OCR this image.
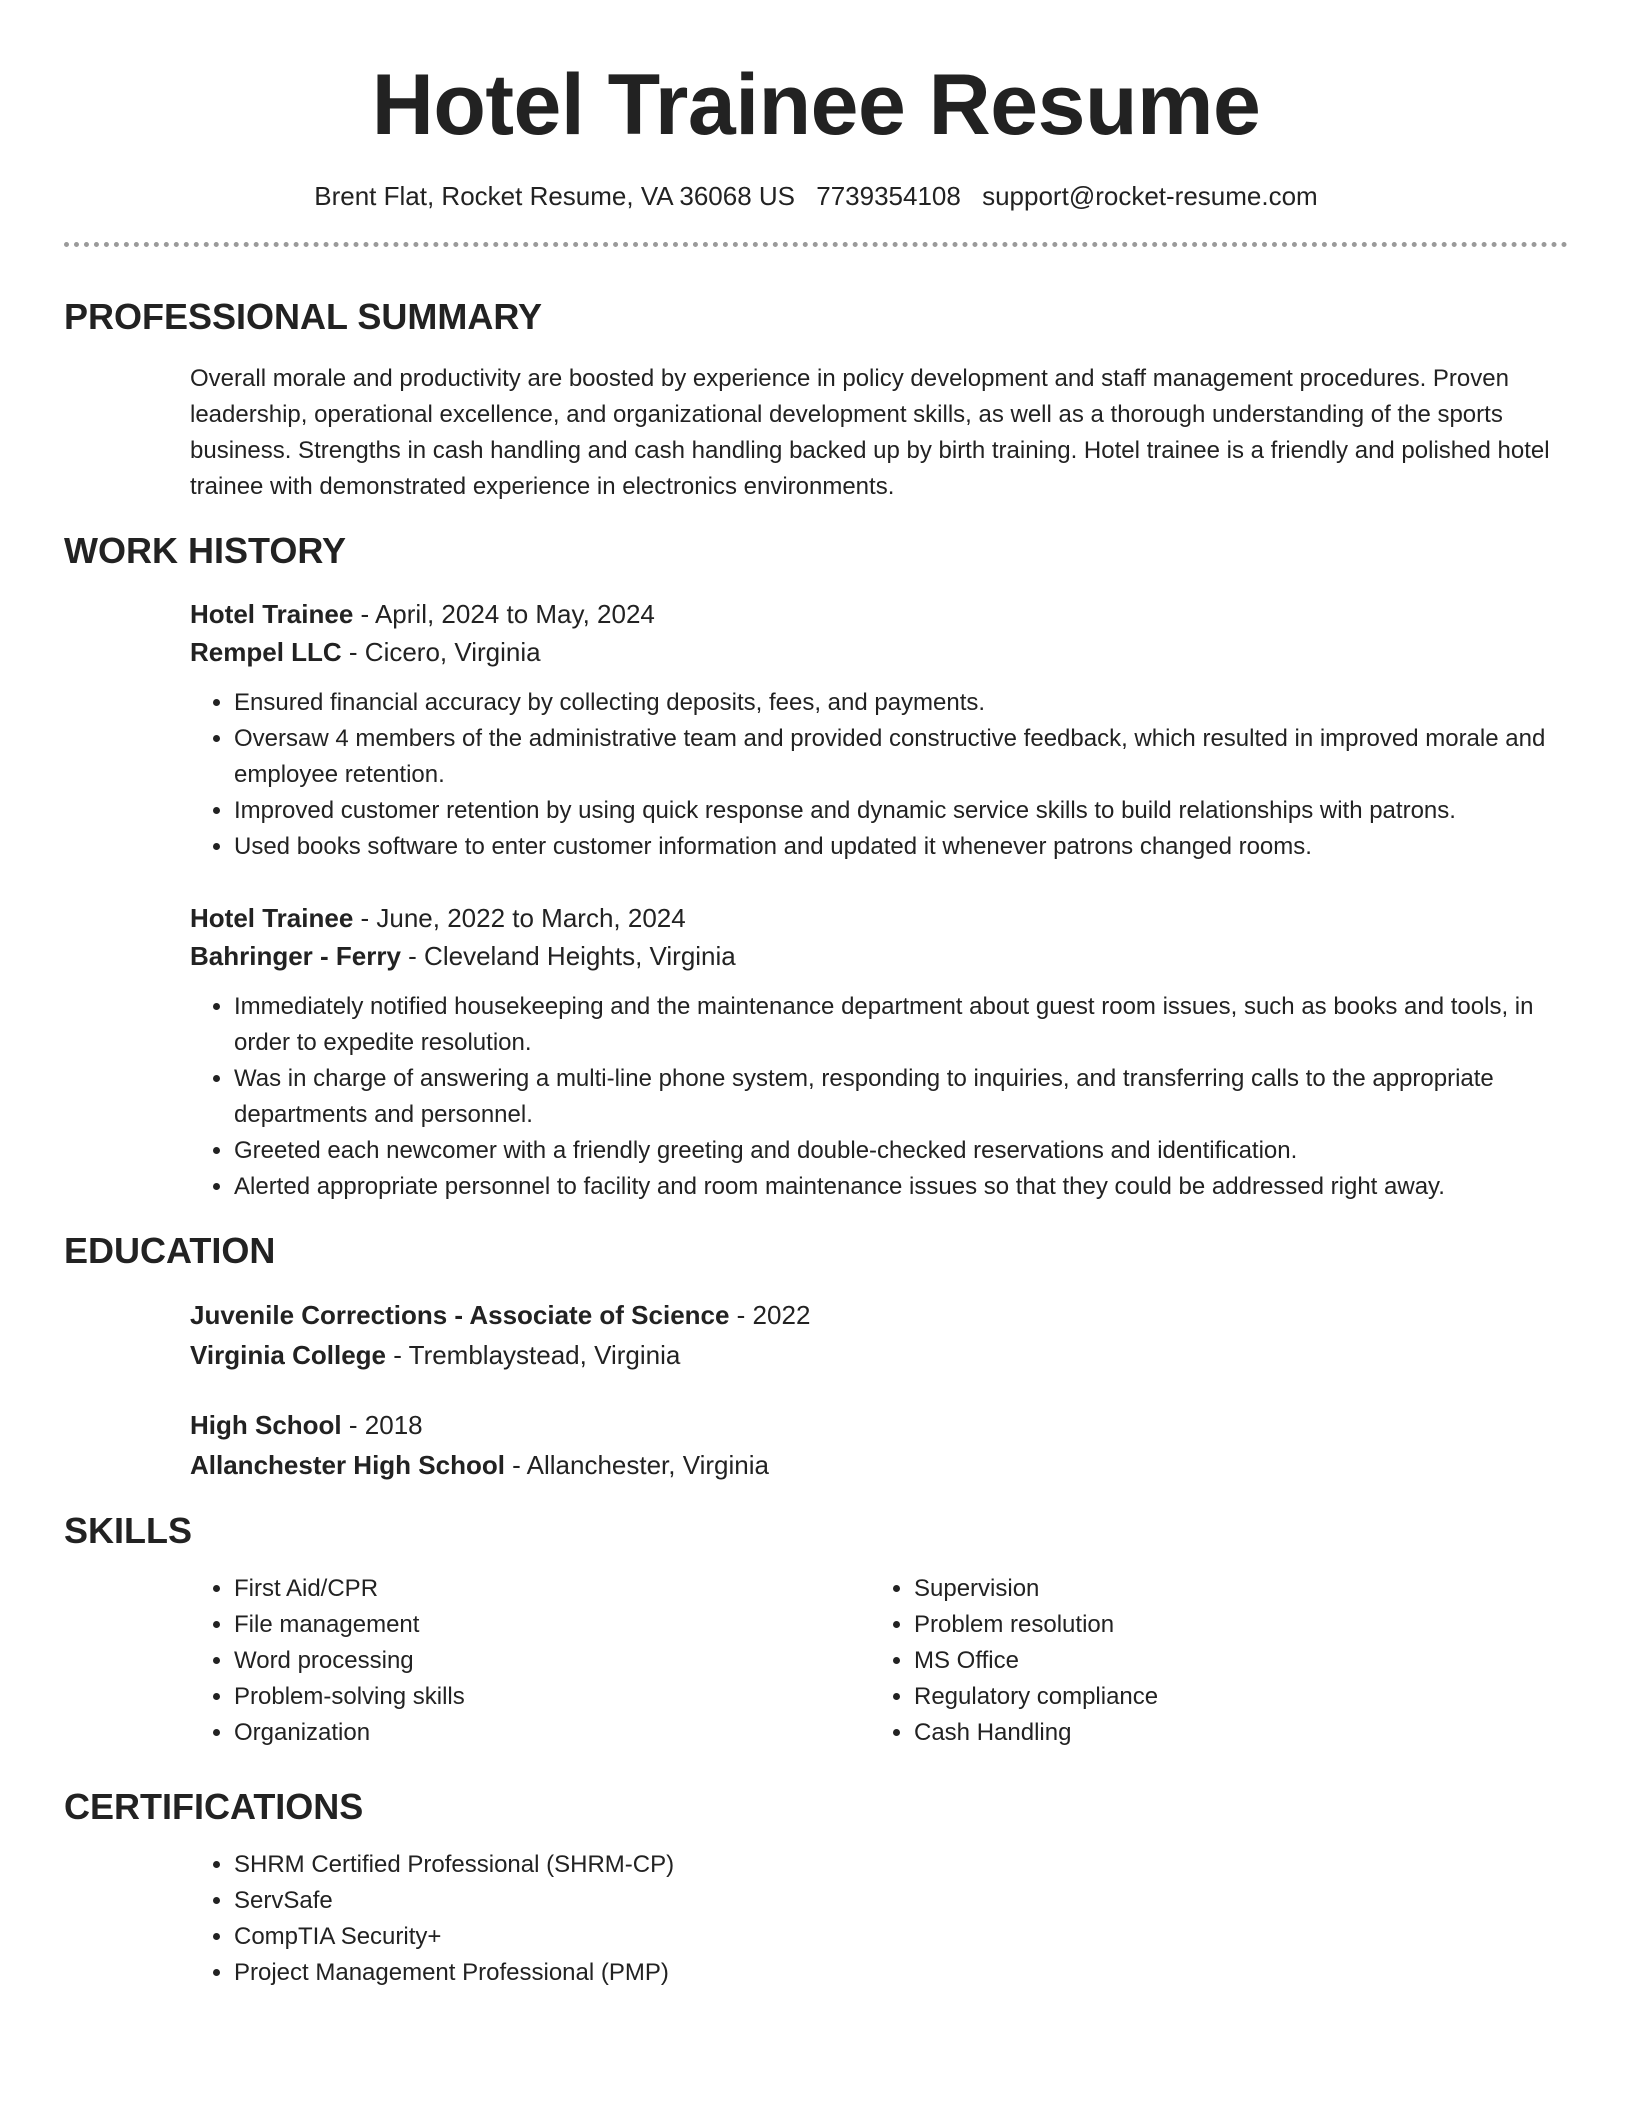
Hotel Trainee Resume
Brent Flat, Rocket Resume, VA 36068 US 7739354108 support@rocket-resume.com
PROFESSIONAL SUMMARY
Overall morale and productivity are boosted by experience in policy development and staff management procedures. Proven leadership, operational excellence, and organizational development skills, as well as a thorough understanding of the sports business. Strengths in cash handling and cash handling backed up by birth training. Hotel trainee is a friendly and polished hotel trainee with demonstrated experience in electronics environments.
WORK HISTORY
Hotel Trainee - April, 2024 to May, 2024
Rempel LLC - Cicero, Virginia
• Ensured financial accuracy by collecting deposits, fees, and payments.
• Oversaw 4 members of the administrative team and provided constructive feedback, which resulted in improved morale and employee retention.
• Improved customer retention by using quick response and dynamic service skills to build relationships with patrons.
• Used books software to enter customer information and updated it whenever patrons changed rooms.
Hotel Trainee - June, 2022 to March, 2024
Bahringer - Ferry - Cleveland Heights, Virginia
• Immediately notified housekeeping and the maintenance department about guest room issues, such as books and tools, in order to expedite resolution.
• Was in charge of answering a multi-line phone system, responding to inquiries, and transferring calls to the appropriate departments and personnel.
• Greeted each newcomer with a friendly greeting and double-checked reservations and identification.
• Alerted appropriate personnel to facility and room maintenance issues so that they could be addressed right away.
EDUCATION
Juvenile Corrections - Associate of Science - 2022
Virginia College - Tremblaystead, Virginia
High School - 2018
Allanchester High School - Allanchester, Virginia
SKILLS
• First Aid/CPR
• File management
• Word processing
• Problem-solving skills
• Organization
• Supervision
• Problem resolution
• MS Office
• Regulatory compliance
• Cash Handling
CERTIFICATIONS
• SHRM Certified Professional (SHRM-CP)
• ServSafe
• CompTIA Security+
• Project Management Professional (PMP)
